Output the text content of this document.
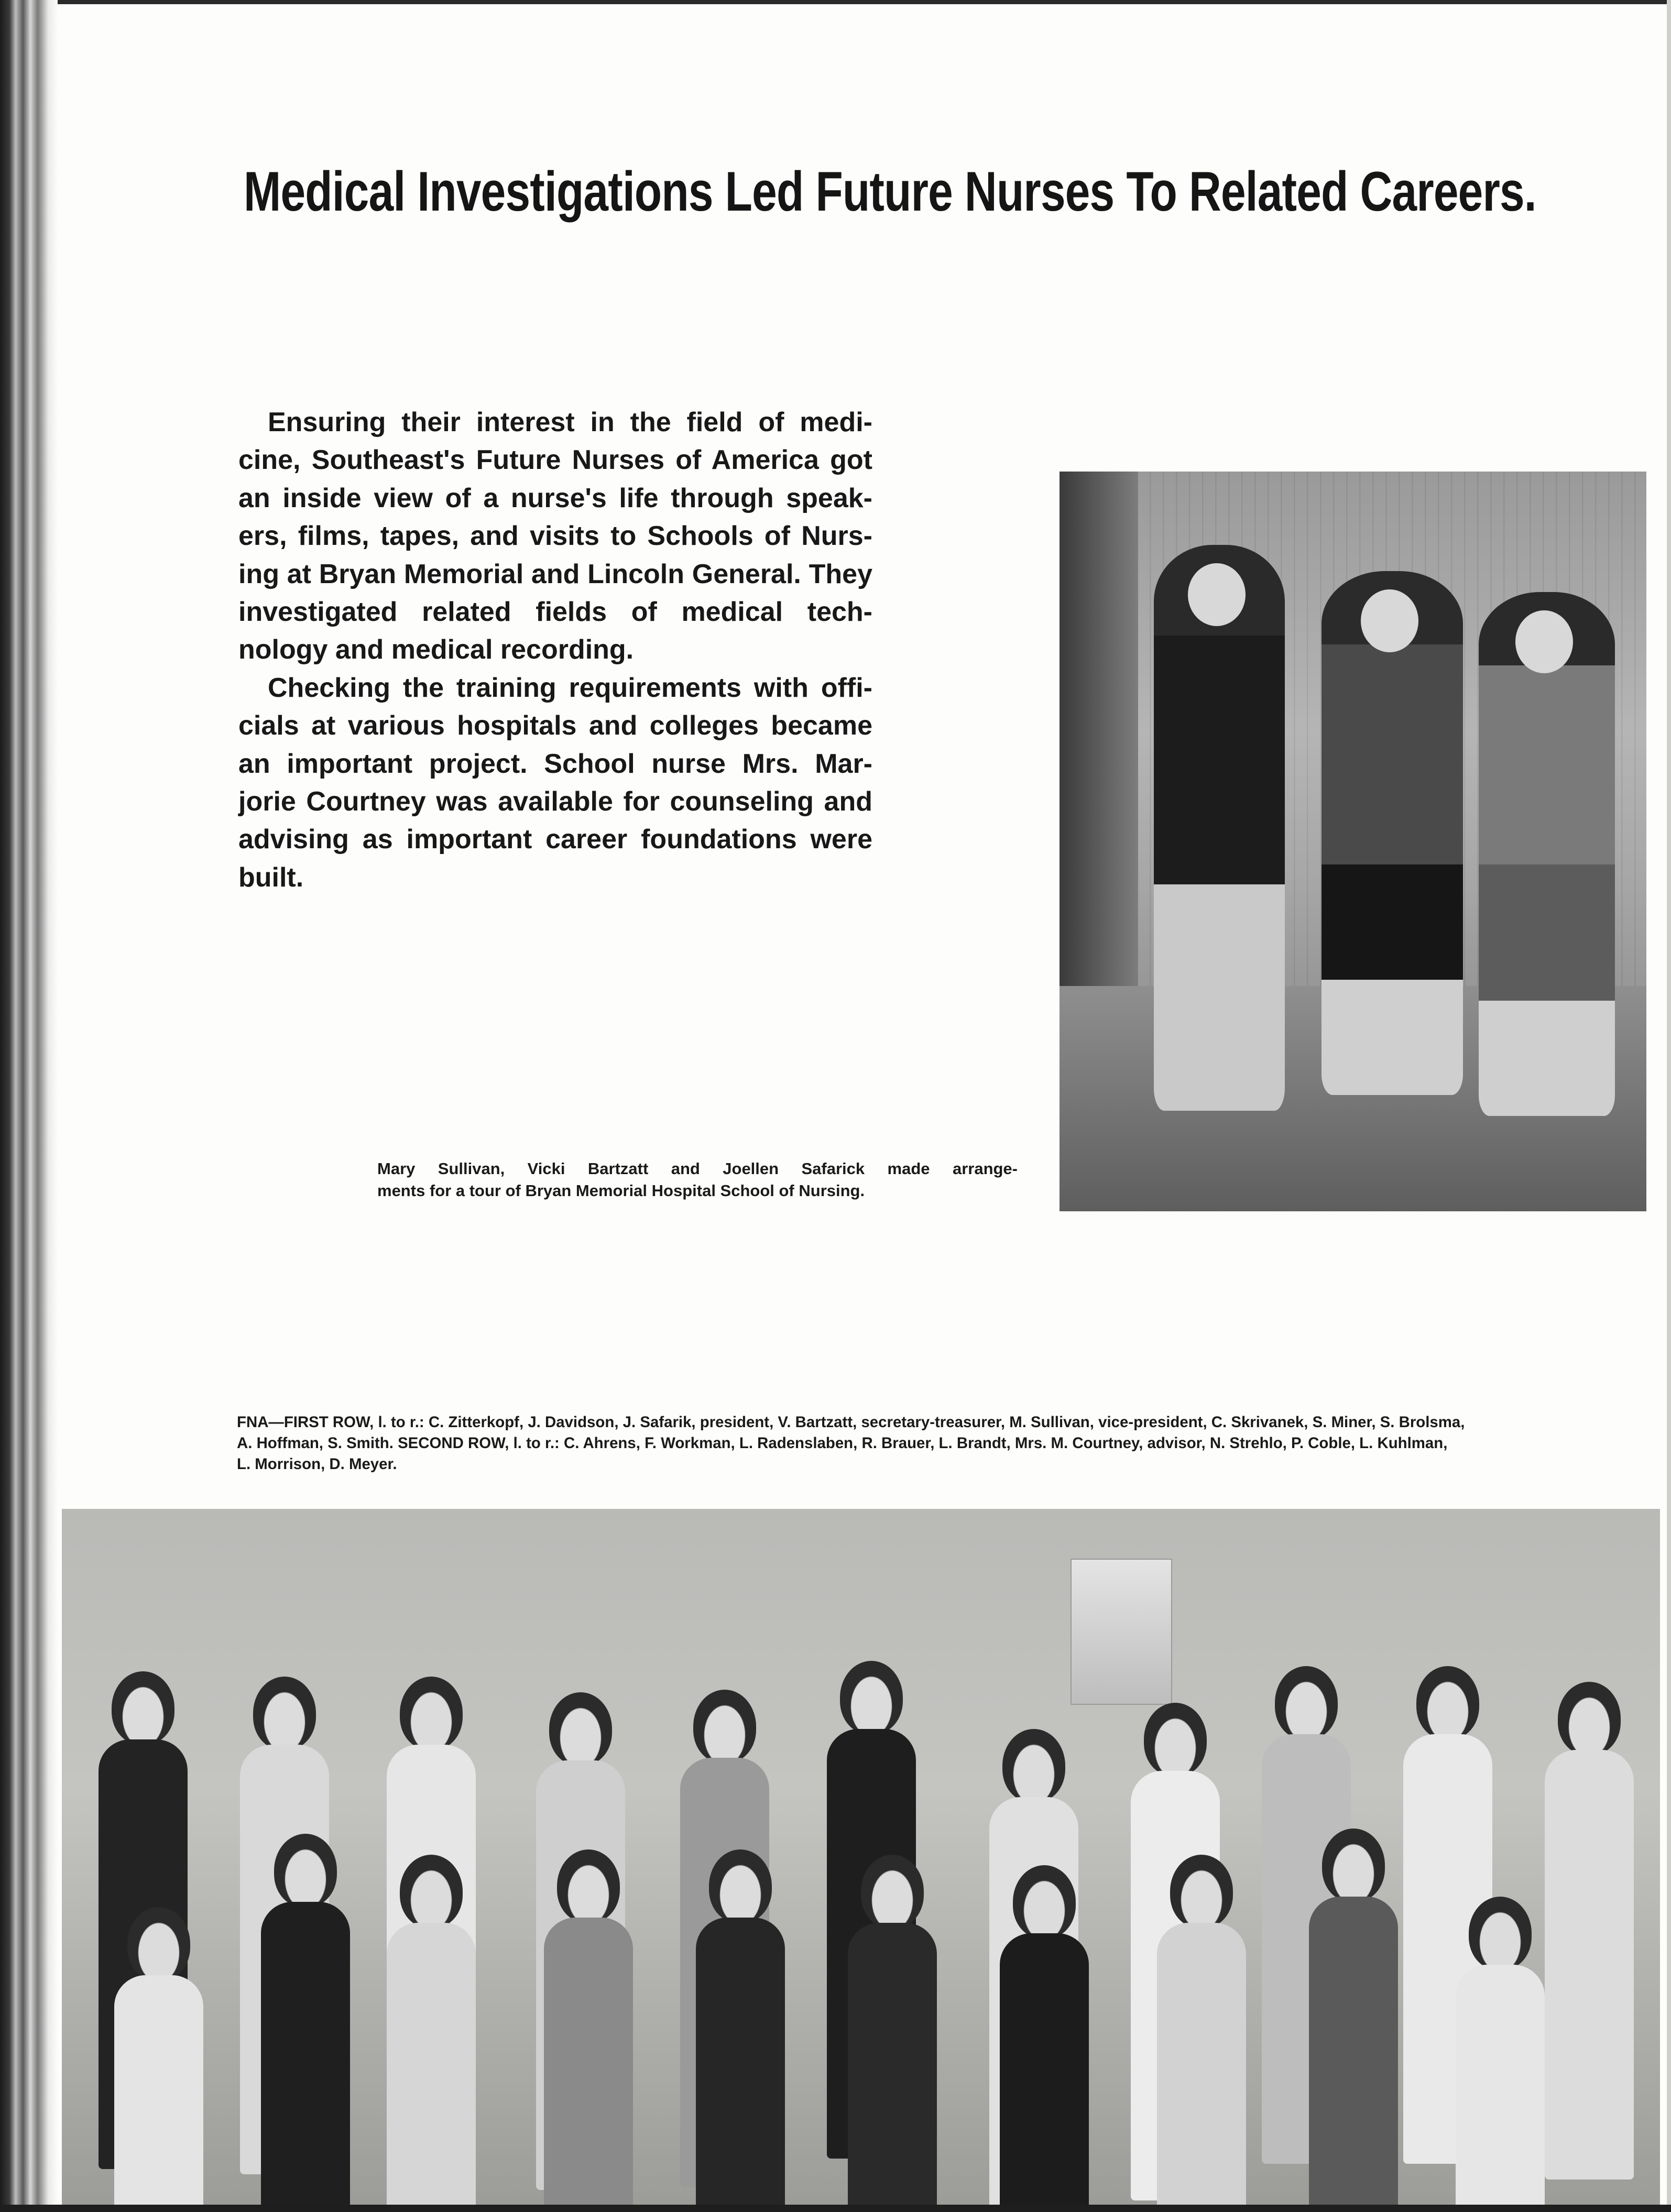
Medical Investigations Led Future Nurses To Related Careers.
Ensuring their interest in the field of medi-
cine, Southeast's Future Nurses of America got
an inside view of a nurse's life through speak-
ers, films, tapes, and visits to Schools of Nurs-
ing at Bryan Memorial and Lincoln General. They
investigated related fields of medical tech-
nology and medical recording.
Checking the training requirements with offi-
cials at various hospitals and colleges became
an important project. School nurse Mrs. Mar-
jorie Courtney was available for counseling and
advising as important career foundations were
built.
Mary Sullivan, Vicki Bartzatt and Joellen Safarick made arrange-
ments for a tour of Bryan Memorial Hospital School of Nursing.
FNA—FIRST ROW, l. to r.: C. Zitterkopf, J. Davidson, J. Safarik, president, V. Bartzatt, secretary-treasurer, M. Sullivan, vice-president, C. Skrivanek, S. Miner, S. Brolsma,
A. Hoffman, S. Smith. SECOND ROW, l. to r.: C. Ahrens, F. Workman, L. Radenslaben, R. Brauer, L. Brandt, Mrs. M. Courtney, advisor, N. Strehlo, P. Coble, L. Kuhlman,
L. Morrison, D. Meyer.
